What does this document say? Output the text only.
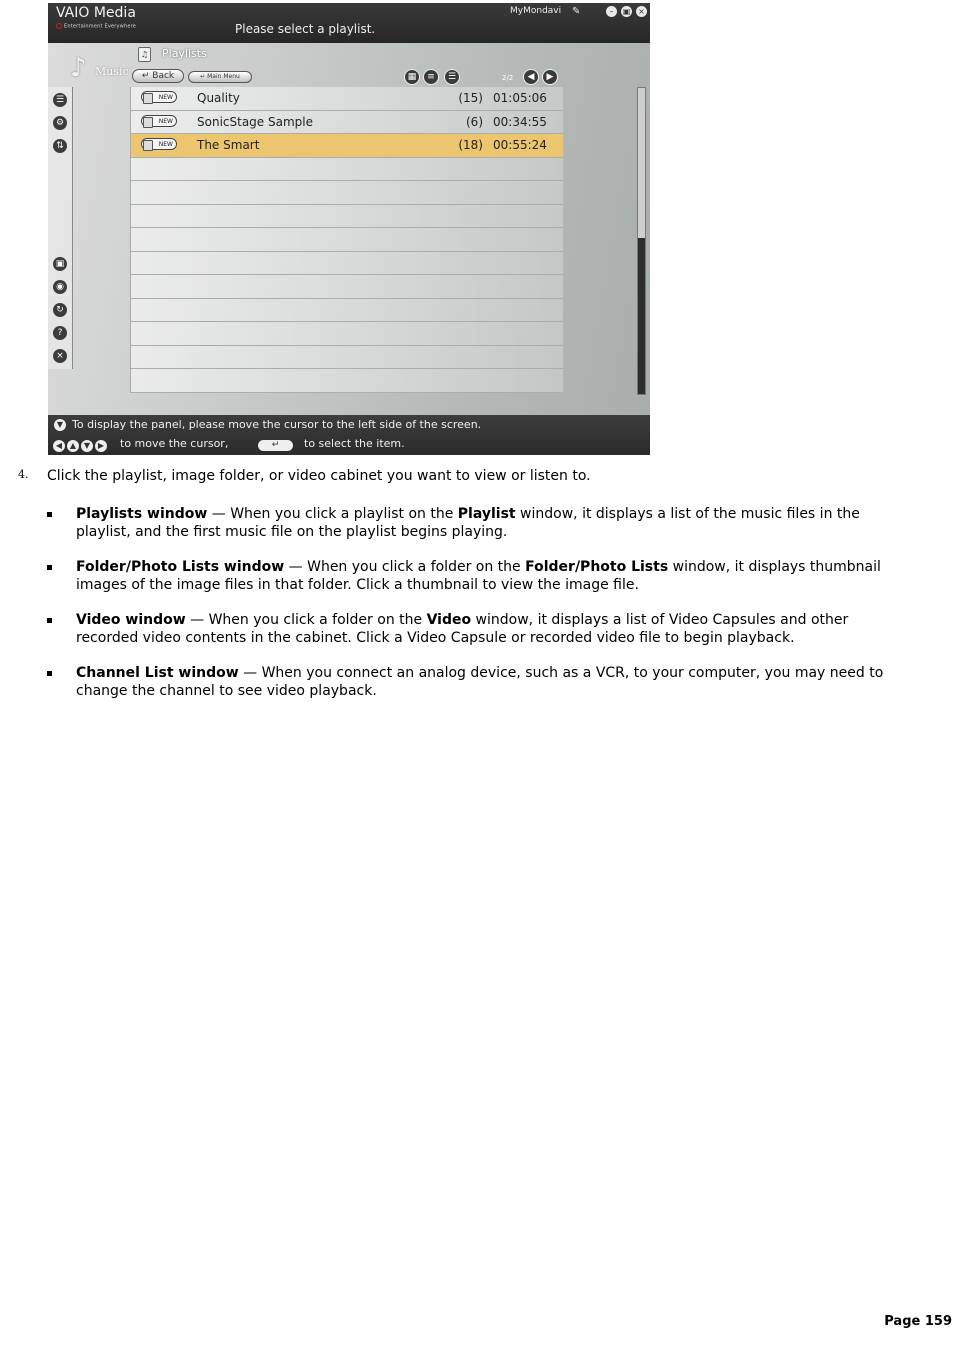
VAIO Media
Entertainment Everywhere	Please select a playlist.
MyMondavi ✎	–	▣ ×
♫ Playlists
♪ Music	↵ Back	↵ Main Menu	▦	≡	☰	2/2	◀	▶
☰
⚙
⇅
▣
◉
↻
?
×
NEW	Quality	(15) 01:05:06
NEW	SonicStage Sample	(6) 00:34:55
NEW	The Smart	(18) 00:55:24
▼ To display the panel, please move the cursor to the left side of the screen.
◀ ▲ ▼ ▶ to move the cursor,	↵	to select the item.
4. Click the playlist, image folder, or video cabinet you want to view or listen to.
Playlists window — When you click a playlist on the Playlist window, it displays a list of the music files in the playlist, and the first music file on the playlist begins playing.
Folder/Photo Lists window — When you click a folder on the Folder/Photo Lists window, it displays thumbnail images of the image files in that folder. Click a thumbnail to view the image file.
Video window — When you click a folder on the Video window, it displays a list of Video Capsules and other recorded video contents in the cabinet. Click a Video Capsule or recorded video file to begin playback.
Channel List window — When you connect an analog device, such as a VCR, to your computer, you may need to change the channel to see video playback.
Page 159
